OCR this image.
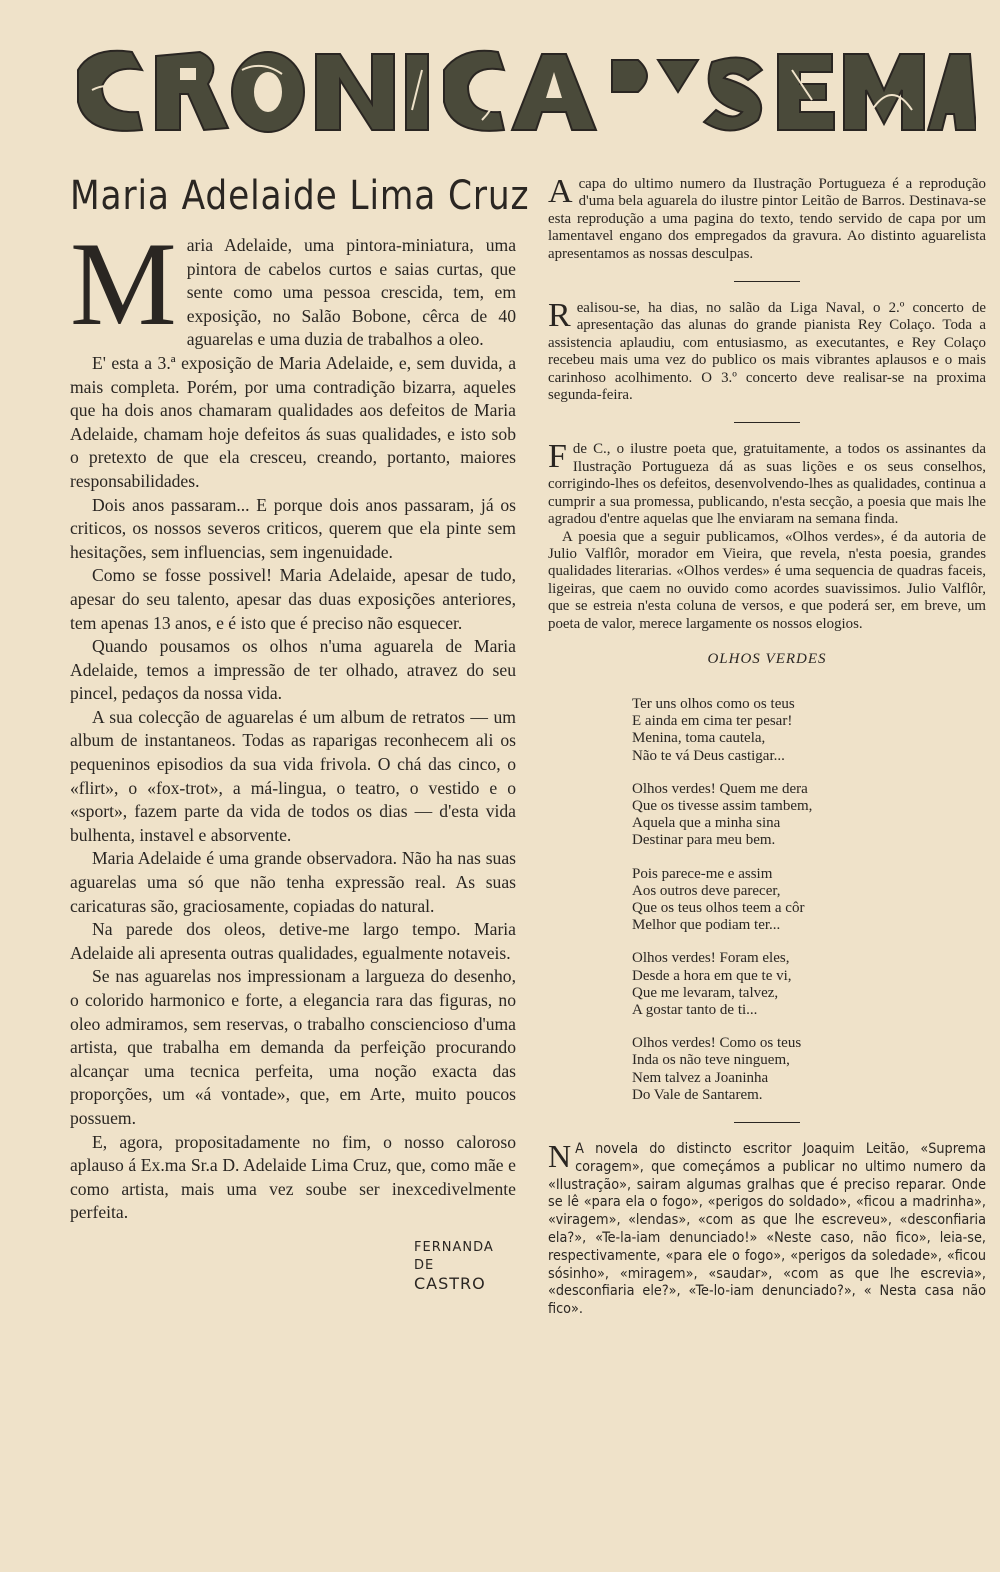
Maria Adelaide Lima Cruz
M aria Adelaide, uma pintora-miniatura, uma pintora de cabelos curtos e saias curtas, que sente como uma pessoa crescida, tem, em exposição, no Salão Bobone, cêrca de 40 aguarelas e uma duzia de trabalhos a oleo.

E' esta a 3.ª exposição de Maria Adelaide, e, sem duvida, a mais completa. Porém, por uma contradição bizarra, aqueles que ha dois anos chamaram qualidades aos defeitos de Maria Adelaide, chamam hoje defeitos ás suas qualidades, e isto sob o pretexto de que ela cresceu, creando, portanto, maiores responsabilidades.

Dois anos passaram... E porque dois anos passaram, já os criticos, os nossos severos criticos, querem que ela pinte sem hesitações, sem influencias, sem ingenuidade.

Como se fosse possivel! Maria Adelaide, apesar de tudo, apesar do seu talento, apesar das duas exposições anteriores, tem apenas 13 anos, e é isto que é preciso não esquecer.

Quando pousamos os olhos n'uma aguarela de Maria Adelaide, temos a impressão de ter olhado, atravez do seu pincel, pedaços da nossa vida.

A sua colecção de aguarelas é um album de retratos — um album de instantaneos. Todas as raparigas reconhecem ali os pequeninos episodios da sua vida frivola. O chá das cinco, o «flirt», o «fox-trot», a má-lingua, o teatro, o vestido e o «sport», fazem parte da vida de todos os dias — d'esta vida bulhenta, instavel e absorvente.

Maria Adelaide é uma grande observadora. Não ha nas suas aguarelas uma só que não tenha expressão real. As suas caricaturas são, graciosamente, copiadas do natural.

Na parede dos oleos, detive-me largo tempo. Maria Adelaide ali apresenta outras qualidades, egualmente notaveis.

Se nas aguarelas nos impressionam a largueza do desenho, o colorido harmonico e forte, a elegancia rara das figuras, no oleo admiramos, sem reservas, o trabalho consciencioso d'uma artista, que trabalha em demanda da perfeição procurando alcançar uma tecnica perfeita, uma noção exacta das proporções, um «á vontade», que, em Arte, muito poucos possuem.

E, agora, propositadamente no fim, o nosso caloroso aplauso á Ex.ma Sr.a D. Adelaide Lima Cruz, que, como mãe e como artista, mais uma vez soube ser inexcedivelmente perfeita.

FERNANDA
DE
CASTRO

A capa do ultimo numero da Ilustração Portugueza é a reprodução d'uma bela aguarela do ilustre pintor Leitão de Barros. Destinava-se esta reprodução a uma pagina do texto, tendo servido de capa por um lamentavel engano dos empregados da gravura. Ao distinto aguarelista apresentamos as nossas desculpas.

R ealisou-se, ha dias, no salão da Liga Naval, o 2.º concerto de apresentação das alunas do grande pianista Rey Colaço. Toda a assistencia aplaudiu, com entusiasmo, as executantes, e Rey Colaço recebeu mais uma vez do publico os mais vibrantes aplausos e o mais carinhoso acolhimento. O 3.º concerto deve realisar-se na proxima segunda-feira.

F de C., o ilustre poeta que, gratuitamente, a todos os assinantes da Ilustração Portugueza dá as suas lições e os seus conselhos, corrigindo-lhes os defeitos, desenvolvendo-lhes as qualidades, continua a cumprir a sua promessa, publicando, n'esta secção, a poesia que mais lhe agradou d'entre aquelas que lhe enviaram na semana finda.

A poesia que a seguir publicamos, «Olhos verdes», é da autoria de Julio Valflôr, morador em Vieira, que revela, n'esta poesia, grandes qualidades literarias. «Olhos verdes» é uma sequencia de quadras faceis, ligeiras, que caem no ouvido como acordes suavissimos. Julio Valflôr, que se estreia n'esta coluna de versos, e que poderá ser, em breve, um poeta de valor, merece largamente os nossos elogios.

OLHOS VERDES
Ter uns olhos como os teus
E ainda em cima ter pesar!
Menina, toma cautela,
Não te vá Deus castigar...
Olhos verdes! Quem me dera
Que os tivesse assim tambem,
Aquela que a minha sina
Destinar para meu bem.
Pois parece-me e assim
Aos outros deve parecer,
Que os teus olhos teem a côr
Melhor que podiam ter...
Olhos verdes! Foram eles,
Desde a hora em que te vi,
Que me levaram, talvez,
A gostar tanto de ti...
Olhos verdes! Como os teus
Inda os não teve ninguem,
Nem talvez a Joaninha
Do Vale de Santarem.

N A novela do distincto escritor Joaquim Leitão, «Suprema coragem», que começámos a publicar no ultimo numero da «Ilustração», sairam algumas gralhas que é preciso reparar. Onde se lê «para ela o fogo», «perigos do soldado», «ficou a madrinha», «viragem», «lendas», «com as que lhe escreveu», «desconfiaria ela?», «Te-la-iam denunciado!» «Neste caso, não fico», leia-se, respectivamente, «para ele o fogo», «perigos da soledade», «ficou sósinho», «miragem», «saudar», «com as que lhe escrevia», «desconfiaria ele?», «Te-lo-iam denunciado?», « Nesta casa não fico».
